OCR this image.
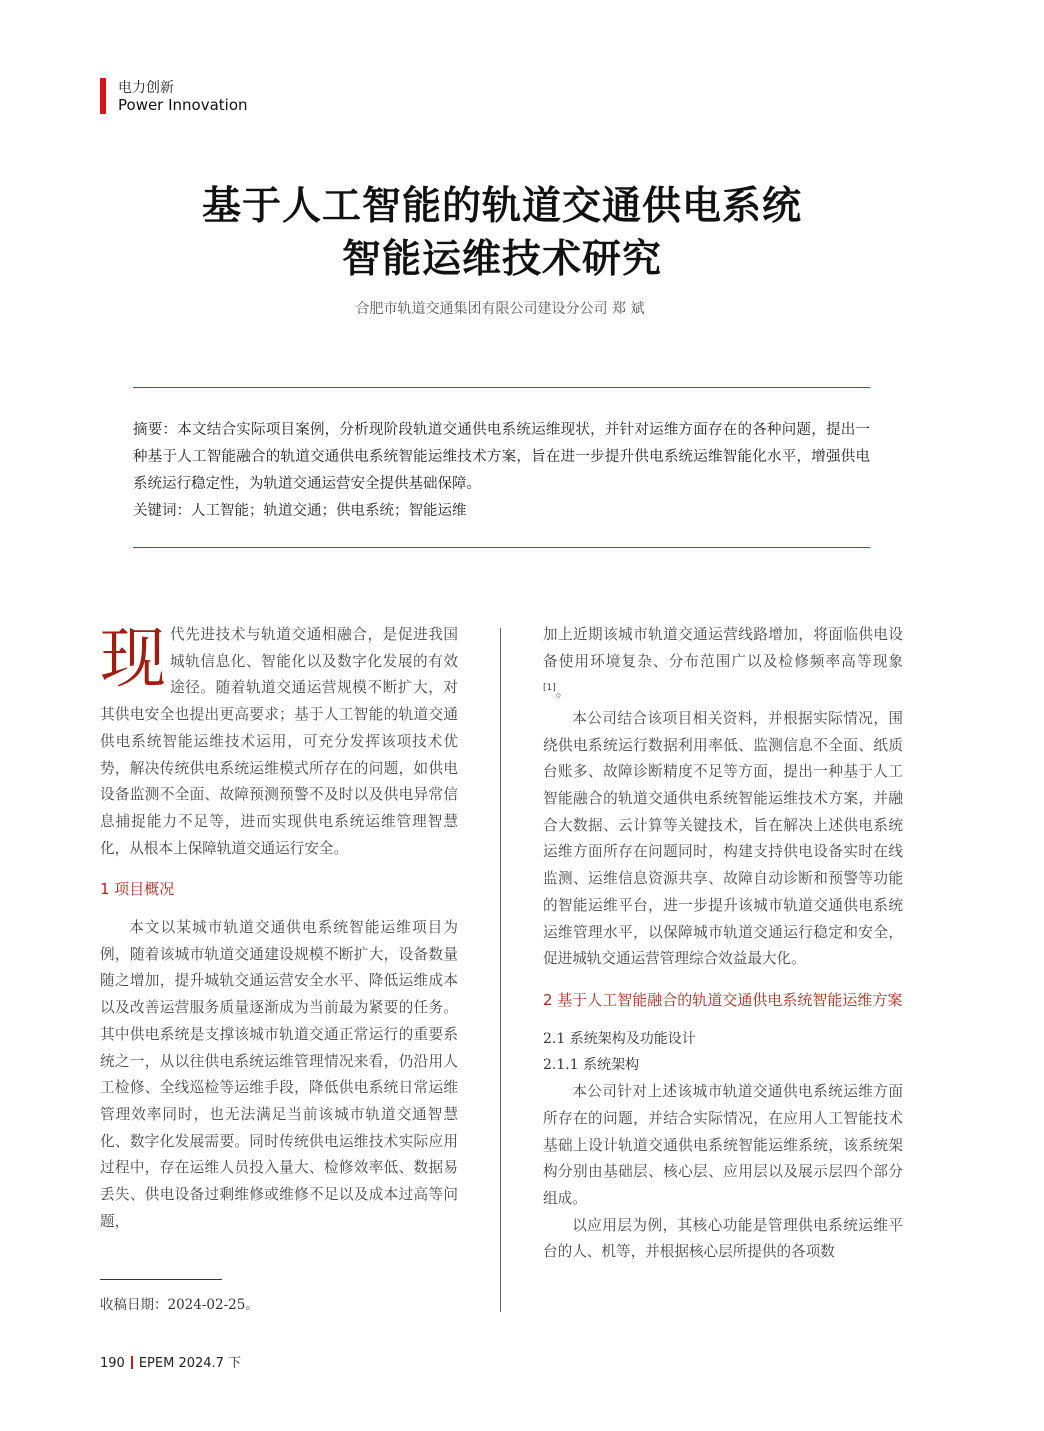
电力创新
Power Innovation
基于人工智能的轨道交通供电系统
智能运维技术研究
合肥市轨道交通集团有限公司建设分公司 郑 斌
摘要：本文结合实际项目案例，分析现阶段轨道交通供电系统运维现状，并针对运维方面存在的各种问题，提出一种基于人工智能融合的轨道交通供电系统智能运维技术方案，旨在进一步提升供电系统运维智能化水平，增强供电系统运行稳定性，为轨道交通运营安全提供基础保障。
关键词：人工智能；轨道交通；供电系统；智能运维

现代先进技术与轨道交通相融合，是促进我国城轨信息化、智能化以及数字化发展的有效途径。随着轨道交通运营规模不断扩大，对其供电安全也提出更高要求；基于人工智能的轨道交通供电系统智能运维技术运用，可充分发挥该项技术优势，解决传统供电系统运维模式所存在的问题，如供电设备监测不全面、故障预测预警不及时以及供电异常信息捕捉能力不足等，进而实现供电系统运维管理智慧化，从根本上保障轨道交通运行安全。

1 项目概况

本文以某城市轨道交通供电系统智能运维项目为例，随着该城市轨道交通建设规模不断扩大，设备数量随之增加，提升城轨交通运营安全水平、降低运维成本以及改善运营服务质量逐渐成为当前最为紧要的任务。其中供电系统是支撑该城市轨道交通正常运行的重要系统之一，从以往供电系统运维管理情况来看，仍沿用人工检修、全线巡检等运维手段，降低供电系统日常运维管理效率同时，也无法满足当前该城市轨道交通智慧化、数字化发展需要。同时传统供电运维技术实际应用过程中，存在运维人员投入量大、检修效率低、数据易丢失、供电设备过剩维修或维修不足以及成本过高等问题，

加上近期该城市轨道交通运营线路增加，将面临供电设备使用环境复杂、分布范围广以及检修频率高等现象[1]。

本公司结合该项目相关资料，并根据实际情况，围绕供电系统运行数据利用率低、监测信息不全面、纸质台账多、故障诊断精度不足等方面，提出一种基于人工智能融合的轨道交通供电系统智能运维技术方案，并融合大数据、云计算等关键技术，旨在解决上述供电系统运维方面所存在问题同时，构建支持供电设备实时在线监测、运维信息资源共享、故障自动诊断和预警等功能的智能运维平台，进一步提升该城市轨道交通供电系统运维管理水平，以保障城市轨道交通运行稳定和安全，促进城轨交通运营管理综合效益最大化。

2 基于人工智能融合的轨道交通供电系统智能运维方案

2.1 系统架构及功能设计

2.1.1 系统架构

本公司针对上述该城市轨道交通供电系统运维方面所存在的问题，并结合实际情况，在应用人工智能技术基础上设计轨道交通供电系统智能运维系统，该系统架构分别由基础层、核心层、应用层以及展示层四个部分组成。

以应用层为例，其核心功能是管理供电系统运维平台的人、机等，并根据核心层所提供的各项数

收稿日期：2024-02-25。
190 EPEM 2024.7 下
